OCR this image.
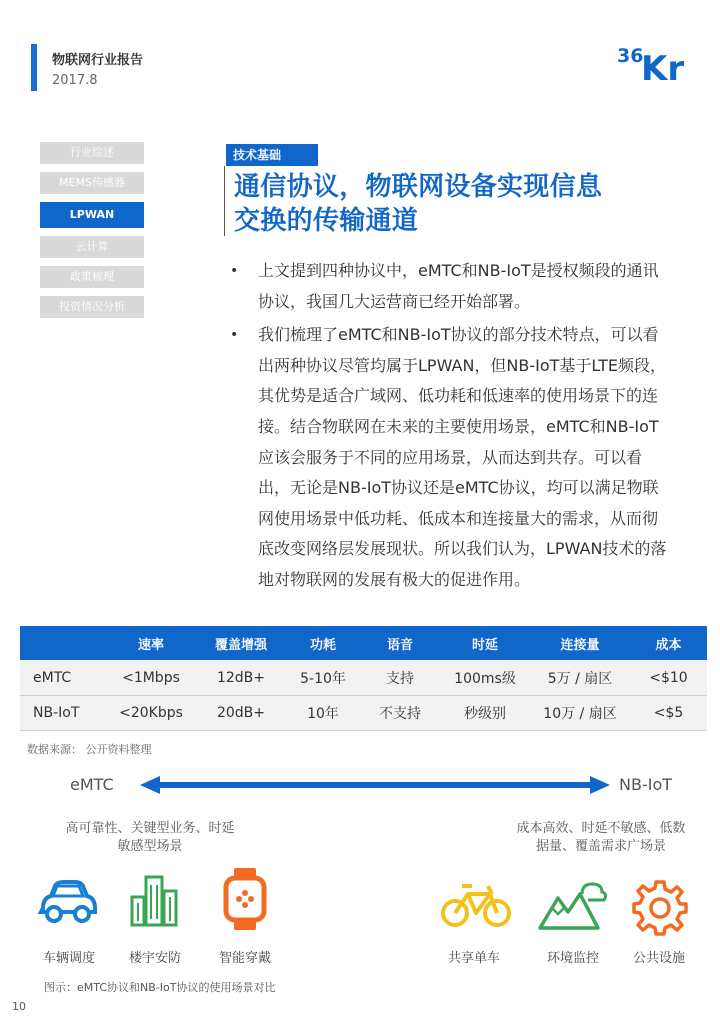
物联网行业报告
2017.8
36
Kr
行业综述
MEMS传感器
LPWAN
云计算
政策梳理
投资情况分析
技术基础
通信协议，物联网设备实现信息
交换的传输通道
• 上文提到四种协议中，eMTC和NB-IoT是授权频段的通讯协议，我国几大运营商已经开始部署。
• 我们梳理了eMTC和NB-IoT协议的部分技术特点，可以看出两种协议尽管均属于LPWAN，但NB-IoT基于LTE频段，其优势是适合广域网、低功耗和低速率的使用场景下的连接。结合物联网在未来的主要使用场景，eMTC和NB-IoT应该会服务于不同的应用场景，从而达到共存。可以看出，无论是NB-IoT协议还是eMTC协议，均可以满足物联网使用场景中低功耗、低成本和连接量大的需求，从而彻底改变网络层发展现状。所以我们认为，LPWAN技术的落地对物联网的发展有极大的促进作用。
	速率	覆盖增强	功耗	语音	时延	连接量	成本
eMTC	<1Mbps	12dB+	5-10年	支持	100ms级	5万 / 扇区	<$10
NB-IoT	<20Kbps	20dB+	10年	不支持	秒级别	10万 / 扇区	<$5
数据来源： 公开资料整理
eMTC	NB-IoT
高可靠性、关键型业务、时延
敏感型场景
成本高效、时延不敏感、低数
据量、覆盖需求广场景
车辆调度	楼宇安防	智能穿戴	共享单车	环境监控	公共设施
图示：eMTC协议和NB-IoT协议的使用场景对比
10
